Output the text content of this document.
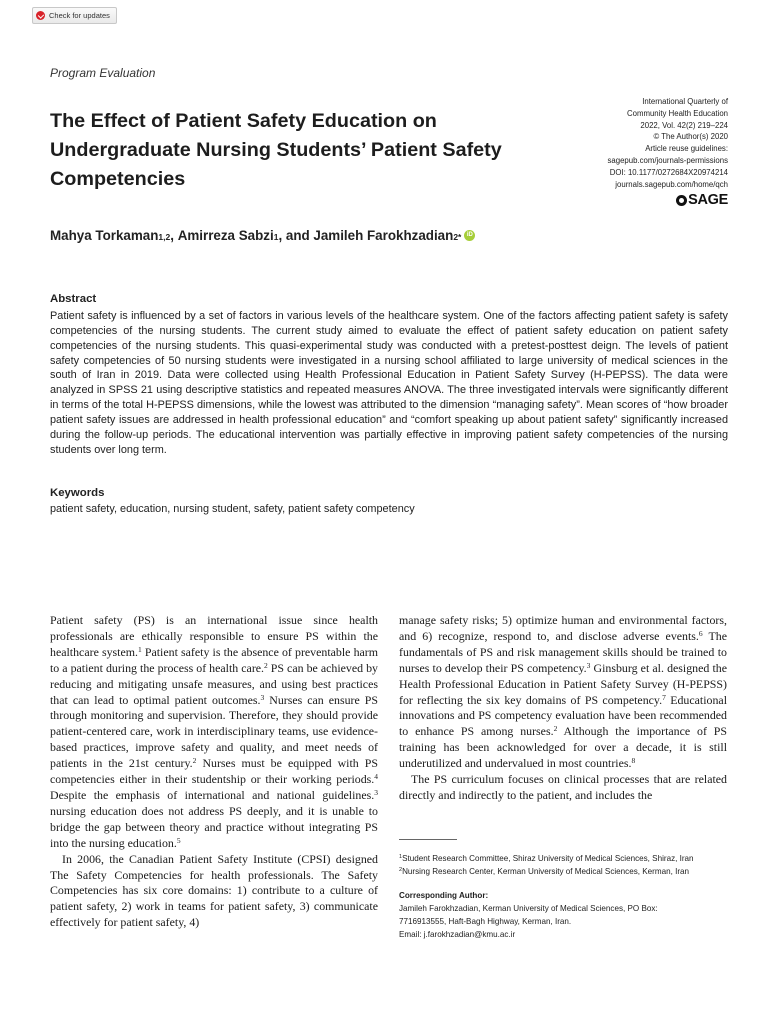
Check for updates
Program Evaluation
The Effect of Patient Safety Education on Undergraduate Nursing Students’ Patient Safety Competencies
International Quarterly of
Community Health Education
2022, Vol. 42(2) 219–224
© The Author(s) 2020
Article reuse guidelines:
sagepub.com/journals-permissions
DOI: 10.1177/0272684X20974214
journals.sagepub.com/home/qch
SAGE
Mahya Torkaman 1,2 , Amirreza Sabzi 1 , and Jamileh Farokhzadian 2* iD
Abstract

Patient safety is influenced by a set of factors in various levels of the healthcare system. One of the factors affecting patient safety is safety competencies of the nursing students. The current study aimed to evaluate the effect of patient safety education on patient safety competencies of the nursing students. This quasi-experimental study was conducted with a pretest-posttest deign. The levels of patient safety competencies of 50 nursing students were investigated in a nursing school affiliated to large university of medical sciences in the south of Iran in 2019. Data were collected using Health Professional Education in Patient Safety Survey (H-PEPSS). The data were analyzed in SPSS 21 using descriptive statistics and repeated measures ANOVA. The three investigated intervals were significantly different in terms of the total H-PEPSS dimensions, while the lowest was attributed to the dimension “managing safety”. Mean scores of “how broader patient safety issues are addressed in health professional education” and “comfort speaking up about patient safety” significantly increased during the follow-up periods. The educational intervention was partially effective in improving patient safety competencies of the nursing students over long term.

Keywords
patient safety, education, nursing student, safety, patient safety competency

Patient safety (PS) is an international issue since health professionals are ethically responsible to ensure PS within the healthcare system.$^1$ Patient safety is the absence of preventable harm to a patient during the process of health care.$^2$ PS can be achieved by reducing and mitigating unsafe measures, and using best practices that can lead to optimal patient outcomes.$^3$ Nurses can ensure PS through monitoring and supervision. Therefore, they should provide patient-centered care, work in interdisciplinary teams, use evidence-based practices, improve safety and quality, and meet needs of patients in the 21st century.$^2$ Nurses must be equipped with PS competencies either in their studentship or their working periods.$^4$ Despite the emphasis of international and national guidelines.$^3$ nursing education does not address PS deeply, and it is unable to bridge the gap between theory and practice without integrating PS into the nursing education.$^5$

In 2006, the Canadian Patient Safety Institute (CPSI) designed The Safety Competencies for health professionals. The Safety Competencies has six core domains: 1) contribute to a culture of patient safety, 2) work in teams for patient safety, 3) communicate effectively for patient safety, 4)

manage safety risks; 5) optimize human and environmental factors, and 6) recognize, respond to, and disclose adverse events.$^6$ The fundamentals of PS and risk management skills should be trained to nurses to develop their PS competency.$^3$ Ginsburg et al. designed the Health Professional Education in Patient Safety Survey (H-PEPSS) for reflecting the six key domains of PS competency.$^7$ Educational innovations and PS competency evaluation have been recommended to enhance PS among nurses.$^2$ Although the importance of PS training has been acknowledged for over a decade, it is still underutilized and undervalued in most countries.$^8$

The PS curriculum focuses on clinical processes that are related directly and indirectly to the patient, and includes the

$^1$Student Research Committee, Shiraz University of Medical Sciences, Shiraz, Iran
$^2$Nursing Research Center, Kerman University of Medical Sciences, Kerman, Iran
Corresponding Author:
Jamileh Farokhzadian, Kerman University of Medical Sciences, PO Box:
7716913555, Haft-Bagh Highway, Kerman, Iran.
Email: j.farokhzadian@kmu.ac.ir
